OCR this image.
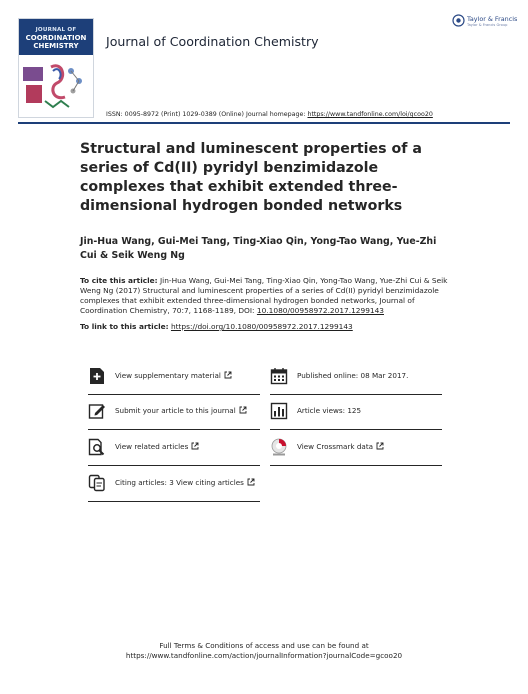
JOURNAL OF
COORDINATION CHEMISTRY	Journal of Coordination Chemistry
Taylor & Francis
Taylor & Francis Group
ISSN: 0095-8972 (Print) 1029-0389 (Online) Journal homepage: https://www.tandfonline.com/loi/gcoo20
Structural and luminescent properties of a series of Cd(II) pyridyl benzimidazole complexes that exhibit extended three-dimensional hydrogen bonded networks
Jin-Hua Wang, Gui-Mei Tang, Ting-Xiao Qin, Yong-Tao Wang, Yue-Zhi Cui & Seik Weng Ng
To cite this article: Jin-Hua Wang, Gui-Mei Tang, Ting-Xiao Qin, Yong-Tao Wang, Yue-Zhi Cui & Seik Weng Ng (2017) Structural and luminescent properties of a series of Cd(II) pyridyl benzimidazole complexes that exhibit extended three-dimensional hydrogen bonded networks, Journal of Coordination Chemistry, 70:7, 1168-1189, DOI: 10.1080/00958972.2017.1299143
To link to this article: https://doi.org/10.1080/00958972.2017.1299143
View supplementary material	Published online: 08 Mar 2017.
Submit your article to this journal	Article views: 125
View related articles	View Crossmark data
Citing articles: 3 View citing articles
Full Terms & Conditions of access and use can be found at
https://www.tandfonline.com/action/journalInformation?journalCode=gcoo20
